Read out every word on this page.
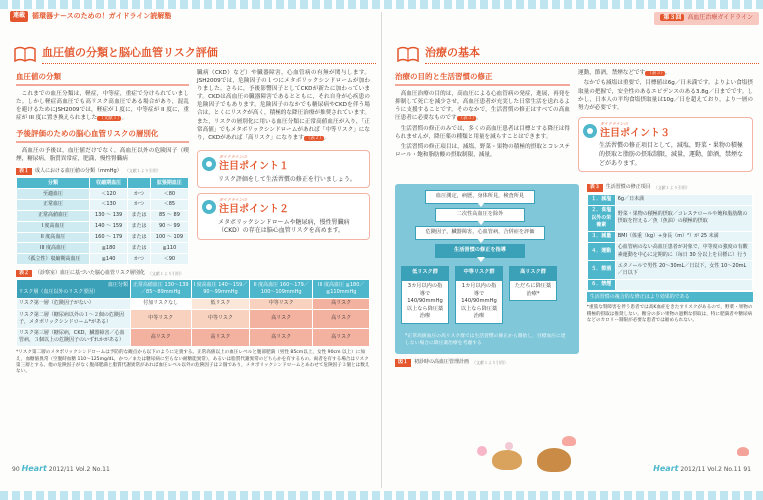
連載	循環器ナースのための！ガイドライン読解塾
血圧値の分類と脳心血管リスク評価
血圧値の分類

これまでの血圧分類は，軽症，中等症，重症で分けられていました。しかし軽症高血圧でも高リスク高血圧である場合があり，混乱を避けるためにJSH2009では，軽症が１度に，中等症が II 度に，重症が III 度に置き換えられました （文献１） 。

予後評価のための脳心血管リスクの層別化

高血圧の予後は，血圧値だけでなく，高血圧以外の危険因子（喫煙，糖尿病，脂質異常症，肥満，慢性腎臓病

表１	成人における血圧値の分類（mmHg） （文献１より引用）
分類	収縮期血圧		拡張期血圧
至適血圧	＜120	かつ	＜80
正常血圧	＜130	かつ	＜85
正常高値血圧	130 〜 139	または	85 〜 89
I 度高血圧	140 〜 159	または	90 〜 99
II 度高血圧	160 〜 179	または	100 〜 109
III 度高血圧	≧180	または	≧110
（孤立性）収縮期高血圧	≧140	かつ	＜90

臓病（CKD）など）や臓器障害，心血管病の有無が関与します。JSH2009では，危険因子の１つにメタボリックシンドロームが加わりました。さらに，予後影響因子としてCKDが新たに加わっています。CKDは高血圧の臓器障害であるとともに，それ自身が心疾患の危険因子でもあります。危険因子のなかでも糖尿病やCKDを伴う場合は，とくにリスクが高く，積極的な降圧治療が推奨されています。また，リスクの層別化に用いる血圧分類に正常高値血圧が入り，「正常高値」でもメタボリックシンドロームがあれば「中等リスク」になり，CKDがあれば「高リスク」になります （表２） 。

ガイドラインの
注目ポイント１
リスク評価をして生活習慣の修正を行いましょう。
ガイドラインの
注目ポイント２
メタボリックシンドロームや糖尿病，慢性腎臓病（CKD）の存在は脳心血管リスクを高めます。
表２	（診察室）血圧に基づいた脳心血管リスク層別化 （文献１より引用）
血圧分類
リスク層（血圧以外のリスク要因）	正常高値血圧 130〜139／85〜89mmHg	I 度高血圧 140〜159／90〜99mmHg	II 度高血圧 160〜179／100〜109mmHg	III 度高血圧 ≧180／≧110mmHg
リスク第一層（危険因子がない）	付加リスクなし	低リスク	中等リスク	高リスク
リスク第二層（糖尿病以外の１〜２個の危険因子，メタボリックシンドローム*がある）	中等リスク	中等リスク	高リスク	高リスク
リスク第三層（糖尿病，CKD，臓器障害／心血管病，３個以上の危険因子のいずれかがある）	高リスク	高リスク	高リスク	高リスク
*リスク第二層のメタボリックシンドロームは予防的な観点から以下のように定義する。正常高値以上の血圧レベルと腹部肥満（男性 85cm以上，女性 90cm 以上）に加え，血糖値異常（空腹時血糖 110〜125mg/dL，かつ／または糖尿病に至らない耐糖能異常），あるいは脂質代謝異常のどちらかを有するもの。両者を有する場合はリスク第三層とする。他の危険因子がなく腹部肥満と脂質代謝異常があれば血圧レベル以外の危険因子は２個であり，メタボリックシンドロームとあわせて危険因子３個とは数えない。
90 Heart 2012/11 Vol.2 No.11
第３回 高血圧治療ガイドライン
治療の基本
治療の目的と生活習慣の修正

高血圧治療の目的は，高血圧による心血管病の発症，進展，再発を抑制して死亡を減少させ，高血圧患者が充実した日常生活を送れるように支援することです。そのなかで，生活習慣の修正はすべての高血圧患者に必要なものです （表３） 。

生活習慣の修正のみでは，多くの高血圧患者は目標とする降圧は得られませんが，降圧薬の種類と用量を減らすことはできます。

生活習慣の修正項目は，減塩，野菜・果物の積極的摂取とコレステロール・飽和脂肪酸の摂取制限，減量，

運動，節酒，禁煙などです （表３） 。

なかでも減塩は重要で，目標値は6g／日未満です。よりよい食塩摂取量の把握で，安全性のあるエビデンスのある3.8g／日までです。しかし，日本人の平均食塩摂取量は10g／日を超えており，より一層の努力が必要です。

ガイドラインの
注目ポイント３
生活習慣の修正項目として，減塩，野菜・果物の積極的摂取と脂肪の摂取制限，減量，運動，節酒，禁煙などがあります。
血圧測定，病歴，身体所見，検査所見
二次性高血圧を除外
危険因子，臓器障害，心血管病，合併症を評価
生活習慣の修正を指導
低リスク群
3カ月以内の指導で140/90mmHg以上なら降圧薬治療
中等リスク群
1カ月以内の指導で140/90mmHg以上なら降圧薬治療
高リスク群
ただちに降圧薬治療*
*正常高値血圧の高リスク群では生活習慣の修正から開始し，目標血圧に達しない場合に降圧薬治療を考慮する
図１	初診時の高血圧管理計画 （文献１より引用）
表３	生活習慣の修正項目 （文献１より引用）
１．減塩	6g／日未満
２．食塩以外の栄養素	野菜・果物の積極的摂取／コレステロールや飽和脂肪酸の摂取を控える／魚（魚油）の積極的摂取
３．減量	BMI（体重（kg）÷身長（m）²）が 25 未満
４．運動	心血管病のない高血圧患者が対象で，中等度の強度の有酸素運動を中心に定期的に（毎日 30 分以上を目標に）行う
５．節酒	エタノールで男性 20〜30mL／日以下，女性 10〜20mL／日以下
６．禁煙	
生活習慣の複合的な修正はより効果的である
*重篤な腎障害を伴う患者では高K血症をきたすリスクがあるので，野菜・果物の積極的摂取は推奨しない。糖分の多い果物の過剰な摂取は，特に肥満者や糖尿病などのカロリー制限が必要な患者では勧められない。
Heart 2012/11 Vol.2 No.11 91
